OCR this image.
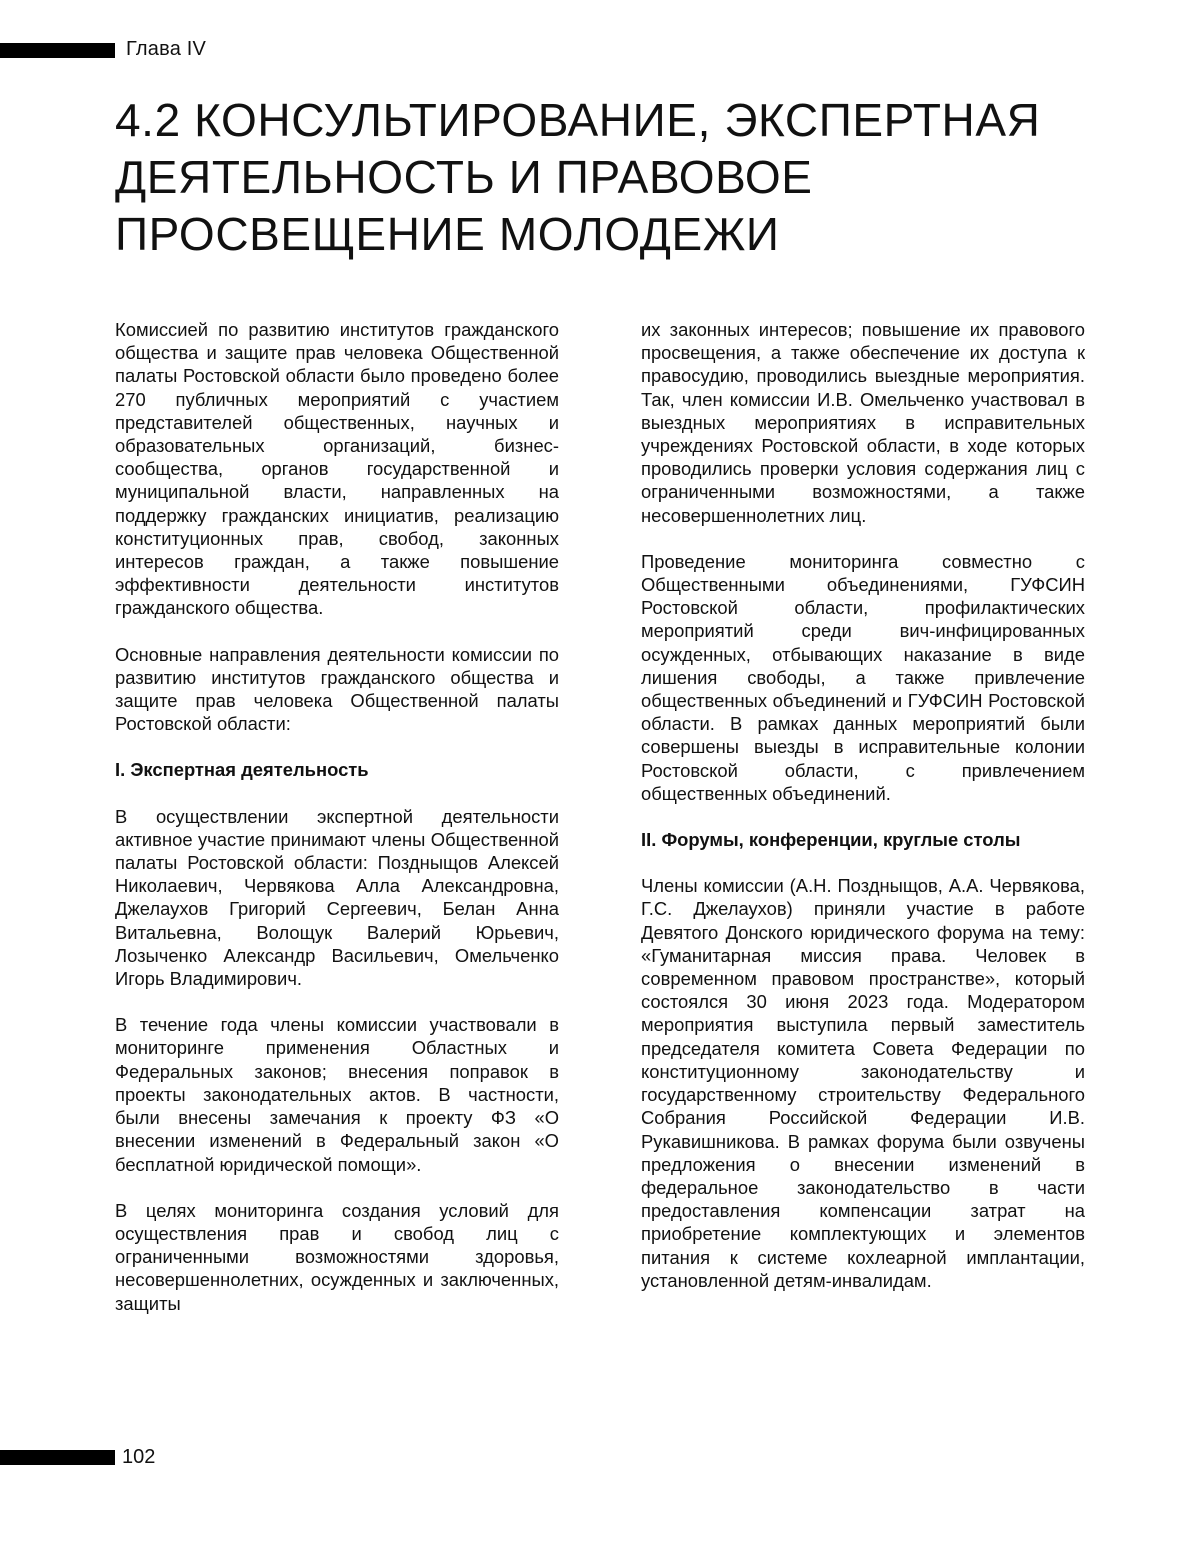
Глава IV
4.2 КОНСУЛЬТИРОВАНИЕ, ЭКСПЕРТНАЯ ДЕЯТЕЛЬНОСТЬ И ПРАВОВОЕ ПРОСВЕЩЕНИЕ МОЛОДЕЖИ

Комиссией по развитию институтов гражданского общества и защите прав человека Общественной палаты Ростовской области было проведено более 270 публичных мероприятий с участием представителей общественных, научных и образовательных организаций, бизнес-сообщества, органов государственной и муниципальной власти, направленных на поддержку гражданских инициатив, реализацию конституционных прав, свобод, законных интересов граждан, а также повышение эффективности деятельности институтов гражданского общества.

Основные направления деятельности комиссии по развитию институтов гражданского общества и защите прав человека Общественной палаты Ростовской области:

I. Экспертная деятельность

В осуществлении экспертной деятельности активное участие принимают члены Общественной палаты Ростовской области: Поздныщов Алексей Николаевич, Червякова Алла Александровна, Джелаухов Григорий Сергеевич, Белан Анна Витальевна, Волощук Валерий Юрьевич, Лозыченко Александр Васильевич, Омельченко Игорь Владимирович.

В течение года члены комиссии участвовали в мониторинге применения Областных и Федеральных законов; внесения поправок в проекты законодательных актов. В частности, были внесены замечания к проекту ФЗ «О внесении изменений в Федеральный закон «О бесплатной юридической помощи».

В целях мониторинга создания условий для осуществления прав и свобод лиц с ограниченными возможностями здоровья, несовершеннолетних, осужденных и заключенных, защиты

их законных интересов; повышение их правового просвещения, а также обеспечение их доступа к правосудию, проводились выездные мероприятия. Так, член комиссии И.В. Омельченко участвовал в выездных мероприятиях в исправительных учреждениях Ростовской области, в ходе которых проводились проверки условия содержания лиц с ограниченными возможностями, а также несовершеннолетних лиц.

Проведение мониторинга совместно с Общественными объединениями, ГУФСИН Ростовской области, профилактических мероприятий среди вич-инфицированных осужденных, отбывающих наказание в виде лишения свободы, а также привлечение общественных объединений и ГУФСИН Ростовской области. В рамках данных мероприятий были совершены выезды в исправительные колонии Ростовской области, с привлечением общественных объединений.

II. Форумы, конференции, круглые столы

Члены комиссии (А.Н. Поздныщов, А.А. Червякова, Г.С. Джелаухов) приняли участие в работе Девятого Донского юридического форума на тему: «Гуманитарная миссия права. Человек в современном правовом пространстве», который состоялся 30 июня 2023 года. Модератором мероприятия выступила первый заместитель председателя комитета Совета Федерации по конституционному законодательству и государственному строительству Федерального Собрания Российской Федерации И.В. Рукавишникова. В рамках форума были озвучены предложения о внесении изменений в федеральное законодательство в части предоставления компенсации затрат на приобретение комплектующих и элементов питания к системе кохлеарной имплантации, установленной детям-инвалидам.

102
